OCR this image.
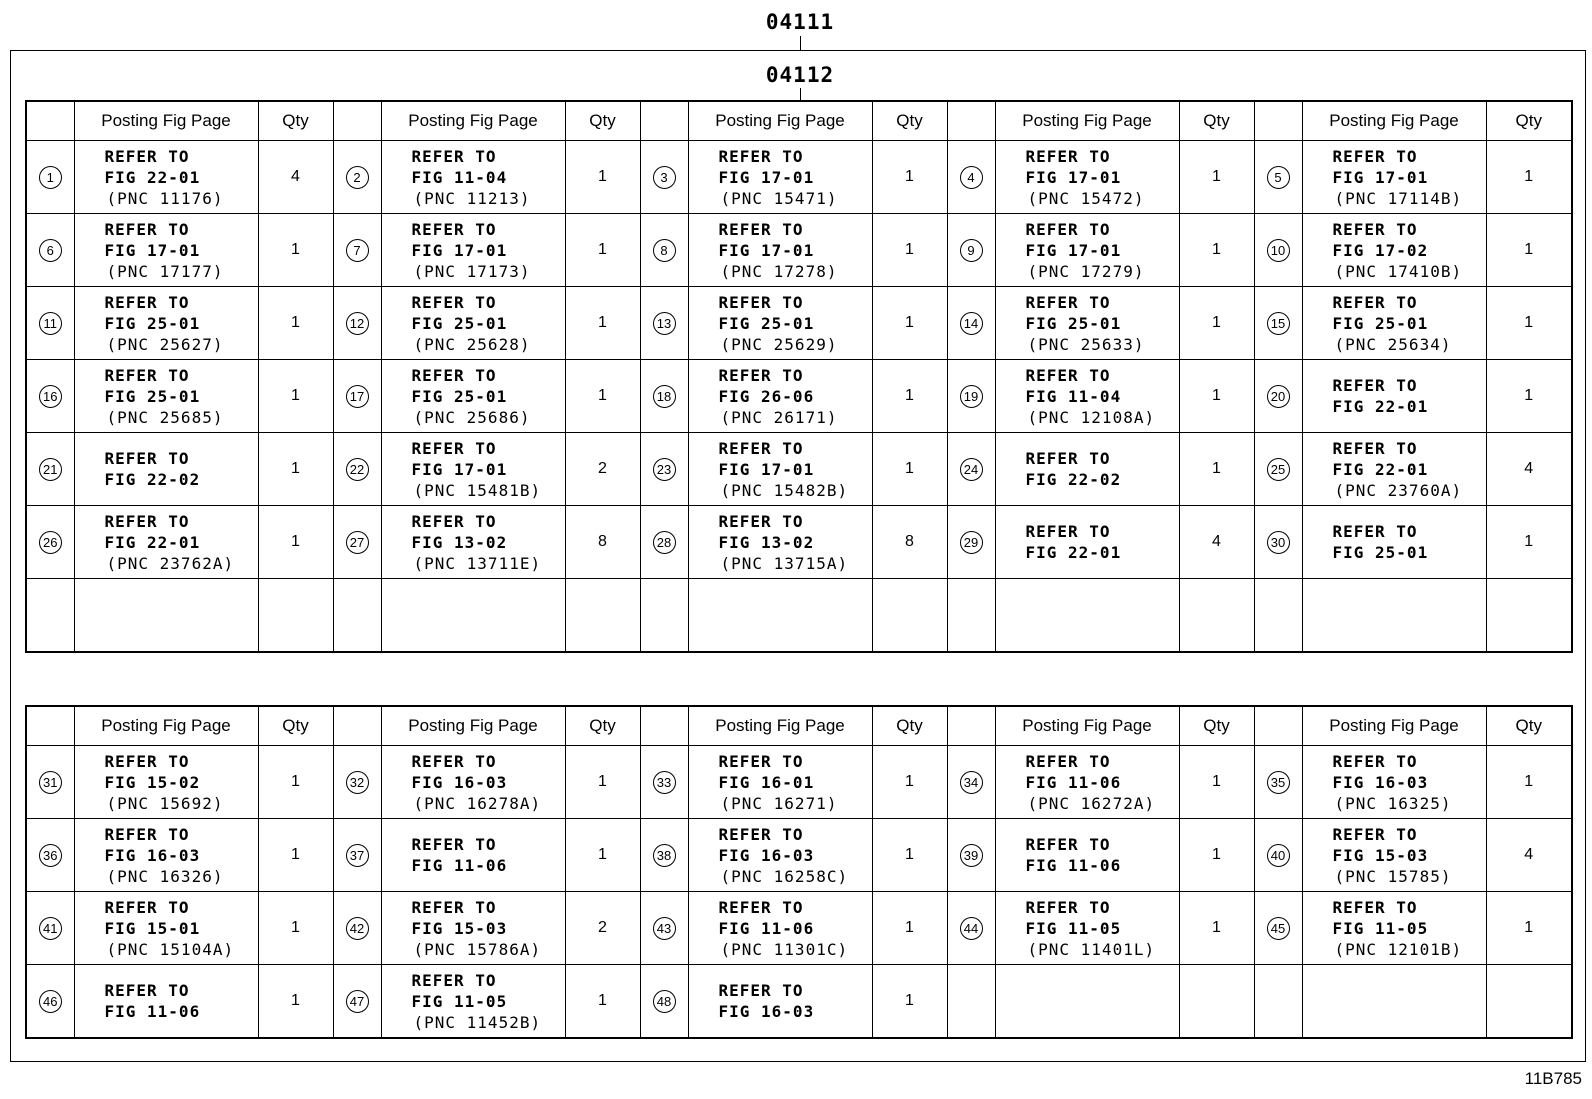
04111
04112
	Posting Fig Page	Qty		Posting Fig Page	Qty		Posting Fig Page	Qty		Posting Fig Page	Qty		Posting Fig Page	Qty
1	REFER TO
FIG 22-01
(PNC 11176)	4	2	REFER TO
FIG 11-04
(PNC 11213)	1	3	REFER TO
FIG 17-01
(PNC 15471)	1	4	REFER TO
FIG 17-01
(PNC 15472)	1	5	REFER TO
FIG 17-01
(PNC 17114B)	1
6	REFER TO
FIG 17-01
(PNC 17177)	1	7	REFER TO
FIG 17-01
(PNC 17173)	1	8	REFER TO
FIG 17-01
(PNC 17278)	1	9	REFER TO
FIG 17-01
(PNC 17279)	1	10	REFER TO
FIG 17-02
(PNC 17410B)	1
11	REFER TO
FIG 25-01
(PNC 25627)	1	12	REFER TO
FIG 25-01
(PNC 25628)	1	13	REFER TO
FIG 25-01
(PNC 25629)	1	14	REFER TO
FIG 25-01
(PNC 25633)	1	15	REFER TO
FIG 25-01
(PNC 25634)	1
16	REFER TO
FIG 25-01
(PNC 25685)	1	17	REFER TO
FIG 25-01
(PNC 25686)	1	18	REFER TO
FIG 26-06
(PNC 26171)	1	19	REFER TO
FIG 11-04
(PNC 12108A)	1	20	REFER TO
FIG 22-01	1
21	REFER TO
FIG 22-02	1	22	REFER TO
FIG 17-01
(PNC 15481B)	2	23	REFER TO
FIG 17-01
(PNC 15482B)	1	24	REFER TO
FIG 22-02	1	25	REFER TO
FIG 22-01
(PNC 23760A)	4
26	REFER TO
FIG 22-01
(PNC 23762A)	1	27	REFER TO
FIG 13-02
(PNC 13711E)	8	28	REFER TO
FIG 13-02
(PNC 13715A)	8	29	REFER TO
FIG 22-01	4	30	REFER TO
FIG 25-01	1

	Posting Fig Page	Qty		Posting Fig Page	Qty		Posting Fig Page	Qty		Posting Fig Page	Qty		Posting Fig Page	Qty
31	REFER TO
FIG 15-02
(PNC 15692)	1	32	REFER TO
FIG 16-03
(PNC 16278A)	1	33	REFER TO
FIG 16-01
(PNC 16271)	1	34	REFER TO
FIG 11-06
(PNC 16272A)	1	35	REFER TO
FIG 16-03
(PNC 16325)	1
36	REFER TO
FIG 16-03
(PNC 16326)	1	37	REFER TO
FIG 11-06	1	38	REFER TO
FIG 16-03
(PNC 16258C)	1	39	REFER TO
FIG 11-06	1	40	REFER TO
FIG 15-03
(PNC 15785)	4
41	REFER TO
FIG 15-01
(PNC 15104A)	1	42	REFER TO
FIG 15-03
(PNC 15786A)	2	43	REFER TO
FIG 11-06
(PNC 11301C)	1	44	REFER TO
FIG 11-05
(PNC 11401L)	1	45	REFER TO
FIG 11-05
(PNC 12101B)	1
46	REFER TO
FIG 11-06	1	47	REFER TO
FIG 11-05
(PNC 11452B)	1	48	REFER TO
FIG 16-03	1						
11B785
